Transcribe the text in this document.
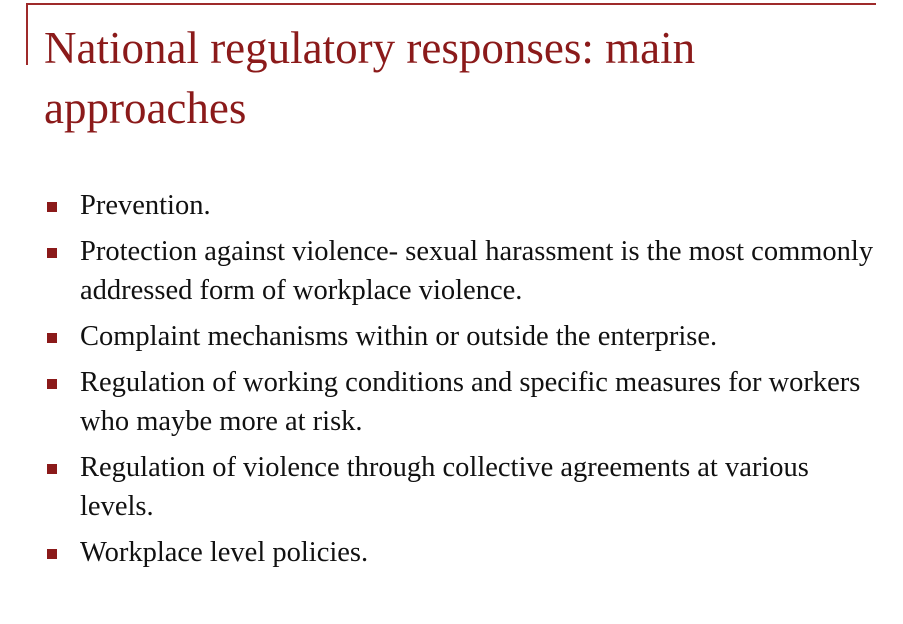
National regulatory responses: main approaches
Prevention.
Protection against violence- sexual harassment is the most commonly addressed form of workplace violence.
Complaint mechanisms within or outside the enterprise.
Regulation of working conditions and specific measures for workers who maybe more at risk.
Regulation of violence through collective agreements at various levels.
Workplace level policies.
